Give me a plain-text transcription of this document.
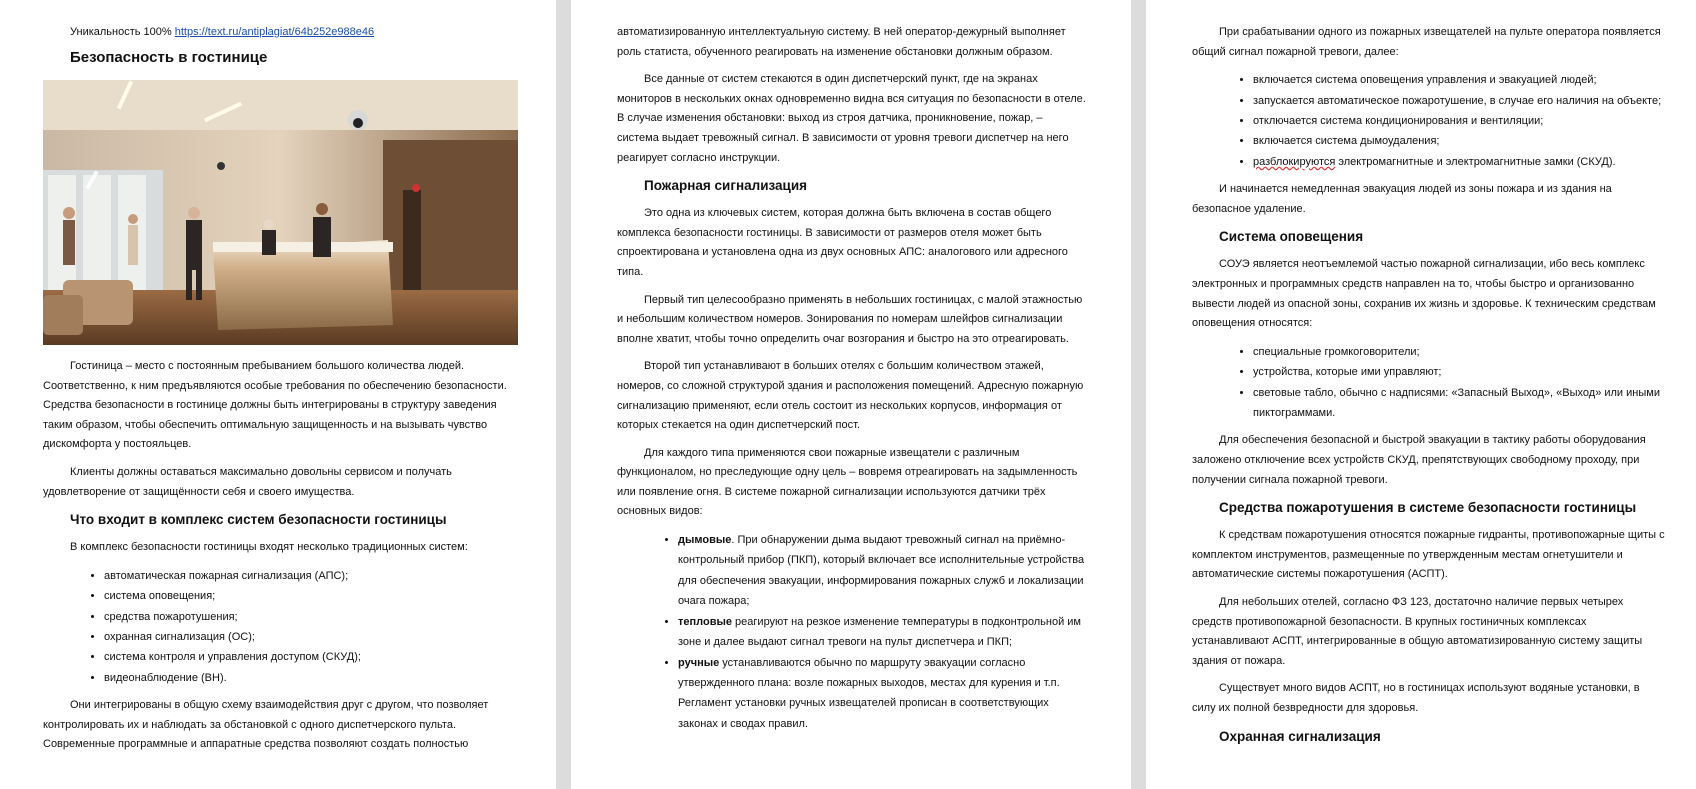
Уникальность 100% https://text.ru/antiplagiat/64b252e988e46
Безопасность в гостинице

Гостиница – место с постоянным пребыванием большого количества людей. Соответственно, к ним предъявляются особые требования по обеспечению безопасности. Средства безопасности в гостинице должны быть интегрированы в структуру заведения таким образом, чтобы обеспечить оптимальную защищенность и на вызывать чувство дискомфорта у постояльцев.

Клиенты должны оставаться максимально довольны сервисом и получать удовлетворение от защищённости себя и своего имущества.

Что входит в комплекс систем безопасности гостиницы

В комплекс безопасности гостиницы входят несколько традиционных систем:

• автоматическая пожарная сигнализация (АПС);
• система оповещения;
• средства пожаротушения;
• охранная сигнализация (ОС);
• система контроля и управления доступом (СКУД);
• видеонаблюдение (ВН).

Они интегрированы в общую схему взаимодействия друг с другом, что позволяет контролировать их и наблюдать за обстановкой с одного диспетчерского пульта. Современные программные и аппаратные средства позволяют создать полностью

автоматизированную интеллектуальную систему. В ней оператор-дежурный выполняет роль статиста, обученного реагировать на изменение обстановки должным образом.

Все данные от систем стекаются в один диспетчерский пункт, где на экранах мониторов в нескольких окнах одновременно видна вся ситуация по безопасности в отеле. В случае изменения обстановки: выход из строя датчика, проникновение, пожар, – система выдает тревожный сигнал. В зависимости от уровня тревоги диспетчер на него реагирует согласно инструкции.

Пожарная сигнализация

Это одна из ключевых систем, которая должна быть включена в состав общего комплекса безопасности гостиницы. В зависимости от размеров отеля может быть спроектирована и установлена одна из двух основных АПС: аналогового или адресного типа.

Первый тип целесообразно применять в небольших гостиницах, с малой этажностью и небольшим количеством номеров. Зонирования по номерам шлейфов сигнализации вполне хватит, чтобы точно определить очаг возгорания и быстро на это отреагировать.

Второй тип устанавливают в больших отелях с большим количеством этажей, номеров, со сложной структурой здания и расположения помещений. Адресную пожарную сигнализацию применяют, если отель состоит из нескольких корпусов, информация от которых стекается на один диспетчерский пост.

Для каждого типа применяются свои пожарные извещатели с различным функционалом, но преследующие одну цель – вовремя отреагировать на задымленность или появление огня. В системе пожарной сигнализации используются датчики трёх основных видов:

• дымовые. При обнаружении дыма выдают тревожный сигнал на приёмно-контрольный прибор (ПКП), который включает все исполнительные устройства для обеспечения эвакуации, информирования пожарных служб и локализации очага пожара;
• тепловые реагируют на резкое изменение температуры в подконтрольной им зоне и далее выдают сигнал тревоги на пульт диспетчера и ПКП;
• ручные устанавливаются обычно по маршруту эвакуации согласно утвержденного плана: возле пожарных выходов, местах для курения и т.п. Регламент установки ручных извещателей прописан в соответствующих законах и сводах правил.

При срабатывании одного из пожарных извещателей на пульте оператора появляется общий сигнал пожарной тревоги, далее:

• включается система оповещения управления и эвакуацией людей;
• запускается автоматическое пожаротушение, в случае его наличия на объекте;
• отключается система кондиционирования и вентиляции;
• включается система дымоудаления;
• разблокируются электромагнитные и электромагнитные замки (СКУД).

И начинается немедленная эвакуация людей из зоны пожара и из здания на безопасное удаление.

Система оповещения

СОУЭ является неотъемлемой частью пожарной сигнализации, ибо весь комплекс электронных и программных средств направлен на то, чтобы быстро и организованно вывести людей из опасной зоны, сохранив их жизнь и здоровье. К техническим средствам оповещения относятся:

• специальные громкоговорители;
• устройства, которые ими управляют;
• световые табло, обычно с надписями: «Запасный Выход», «Выход» или иными пиктограммами.

Для обеспечения безопасной и быстрой эвакуации в тактику работы оборудования заложено отключение всех устройств СКУД, препятствующих свободному проходу, при получении сигнала пожарной тревоги.

Средства пожаротушения в системе безопасности гостиницы

К средствам пожаротушения относятся пожарные гидранты, противопожарные щиты с комплектом инструментов, размещенные по утвержденным местам огнетушители и автоматические системы пожаротушения (АСПТ).

Для небольших отелей, согласно ФЗ 123, достаточно наличие первых четырех средств противопожарной безопасности. В крупных гостиничных комплексах устанавливают АСПТ, интегрированные в общую автоматизированную систему защиты здания от пожара.

Существует много видов АСПТ, но в гостиницах используют водяные установки, в силу их полной безвредности для здоровья.

Охранная сигнализация
